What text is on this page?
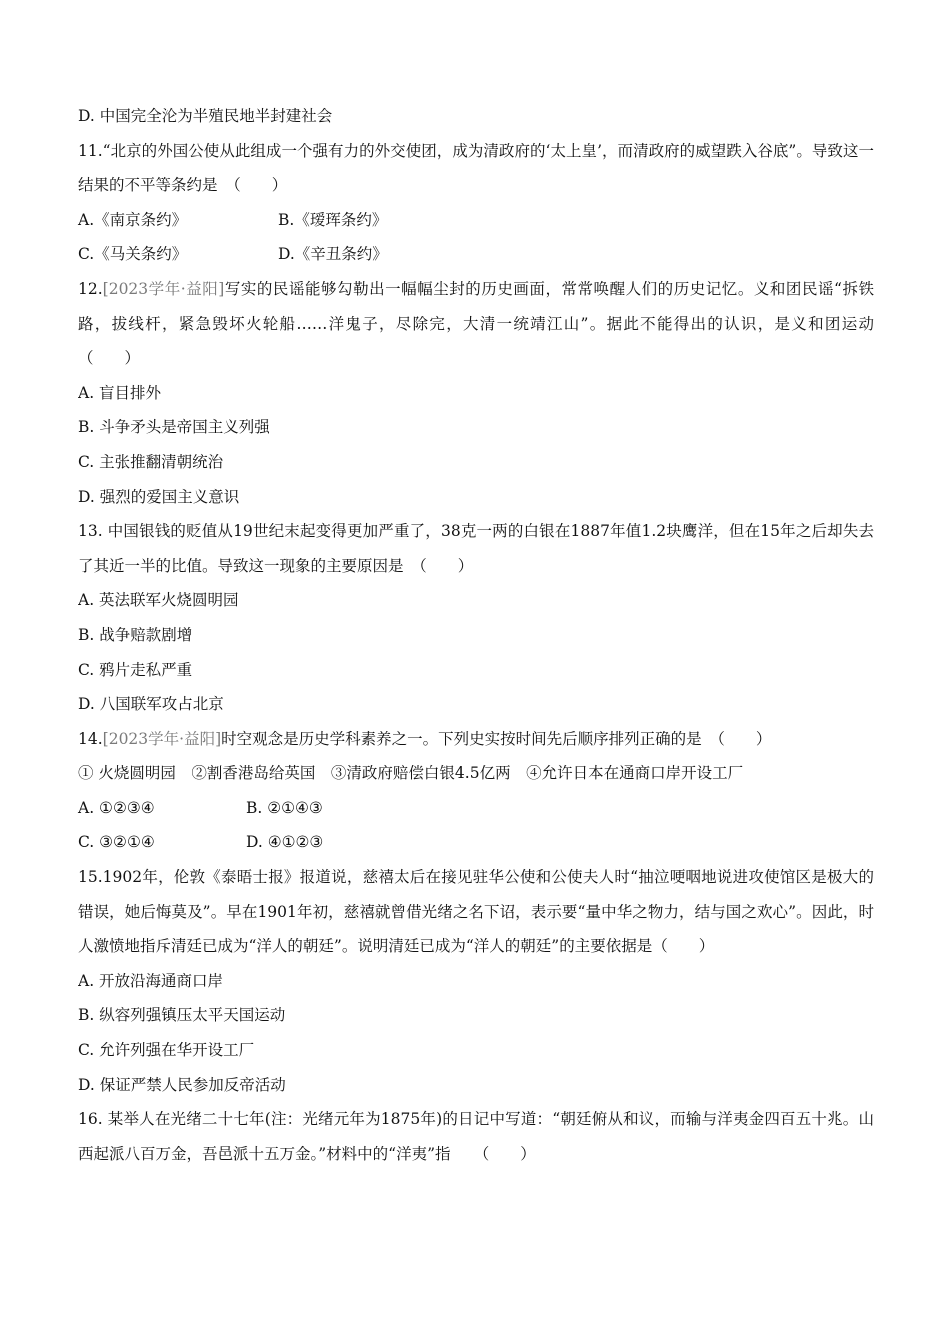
D. 中国完全沦为半殖民地半封建社会
11.“北京的外国公使从此组成一个强有力的外交使团，成为清政府的‘太上皇’，而清政府的威望跌入谷底”。导致这一结果的不平等条约是　（　　）
A.《南京条约》	B.《瑷珲条约》
C.《马关条约》	D.《辛丑条约》
12.[2023学年·益阳]写实的民谣能够勾勒出一幅幅尘封的历史画面，常常唤醒人们的历史记忆。义和团民谣“拆铁路，拔线杆，紧急毁坏火轮船……洋鬼子，尽除完，大清一统靖江山”。据此不能得出的认识，是义和团运动　（　　）
A. 盲目排外
B. 斗争矛头是帝国主义列强
C. 主张推翻清朝统治
D. 强烈的爱国主义意识
13. 中国银钱的贬值从19世纪末起变得更加严重了，38克一两的白银在1887年值1.2块鹰洋，但在15年之后却失去了其近一半的比值。导致这一现象的主要原因是　（　　）
A. 英法联军火烧圆明园
B. 战争赔款剧增
C. 鸦片走私严重
D. 八国联军攻占北京
14.[2023学年·益阳]时空观念是历史学科素养之一。下列史实按时间先后顺序排列正确的是　（　　）
① 火烧圆明园　②割香港岛给英国　③清政府赔偿白银4.5亿两　④允许日本在通商口岸开设工厂
A. ①②③④	B. ②①④③
C. ③②①④	D. ④①②③
15.1902年，伦敦《泰晤士报》报道说，慈禧太后在接见驻华公使和公使夫人时“抽泣哽咽地说进攻使馆区是极大的错误，她后悔莫及”。早在1901年初，慈禧就曾借光绪之名下诏，表示要“量中华之物力，结与国之欢心”。因此，时人激愤地指斥清廷已成为“洋人的朝廷”。说明清廷已成为“洋人的朝廷”的主要依据是（　　）
A. 开放沿海通商口岸
B. 纵容列强镇压太平天国运动
C. 允许列强在华开设工厂
D. 保证严禁人民参加反帝活动
16. 某举人在光绪二十七年(注：光绪元年为1875年)的日记中写道：“朝廷俯从和议，而输与洋夷金四百五十兆。山西起派八百万金，吾邑派十五万金。”材料中的“洋夷”指　　（　　）
